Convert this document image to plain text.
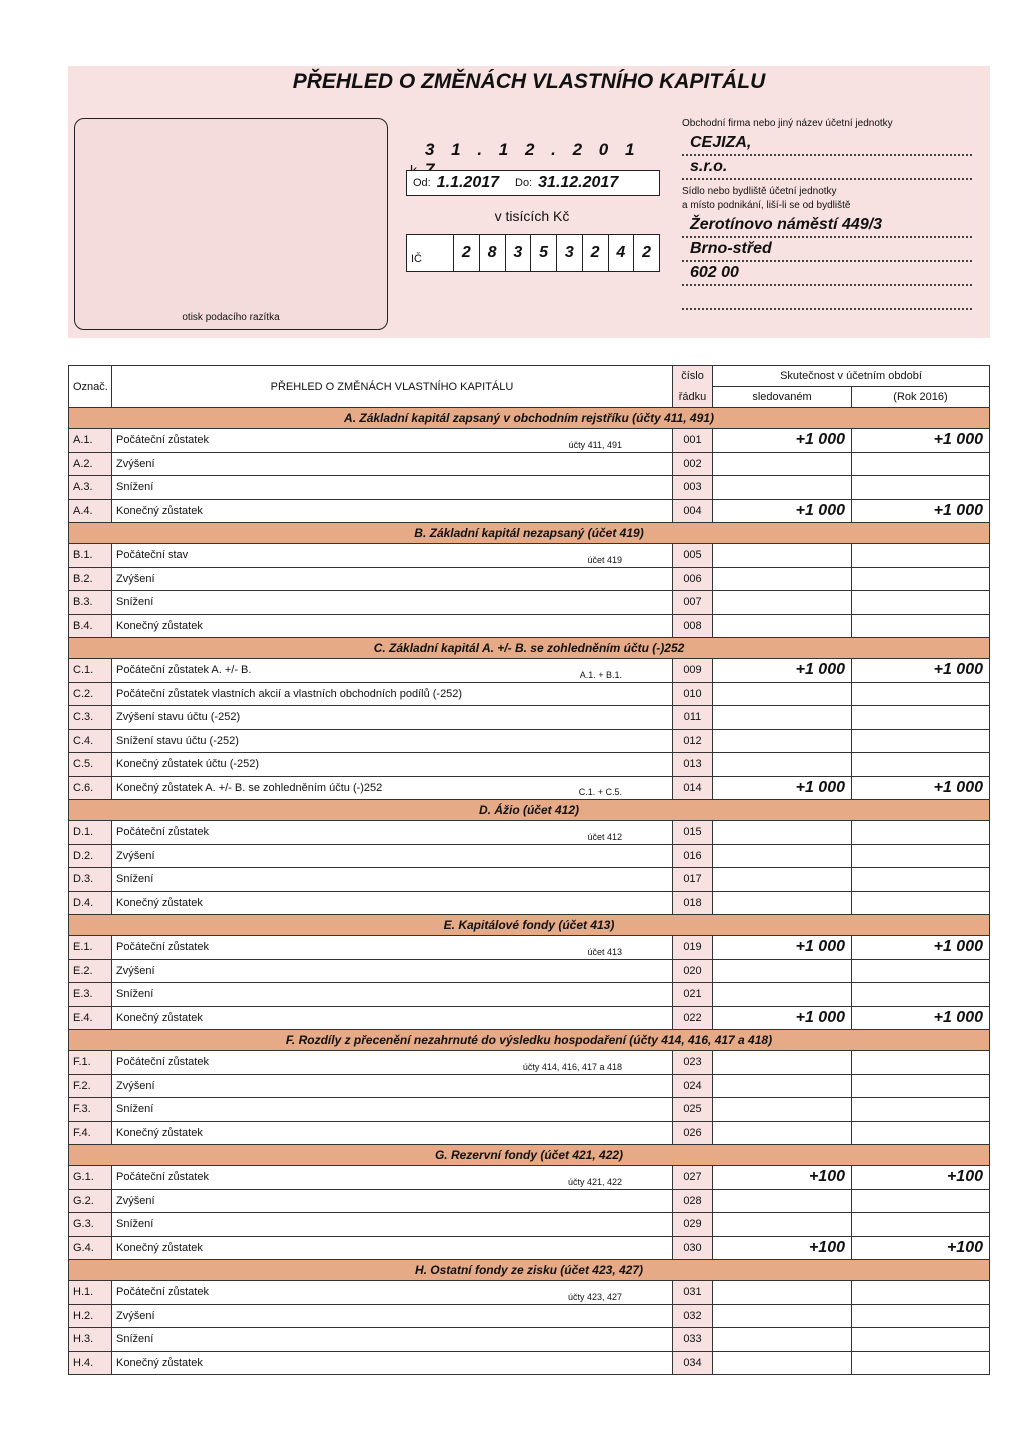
PŘEHLED O ZMĚNÁCH VLASTNÍHO KAPITÁLU
otisk podacího razítka
3 1 . 1 2 . 2 0 1
Od: 1.1.2017 Do: 31.12.2017
v tisících Kč
IČ	2	8	3	5	3	2	4	2
Obchodní firma nebo jiný název účetní jednotky
CEJIZA,
s.r.o.
Sídlo nebo bydliště účetní jednotky
a místo podnikání, liší-li se od bydliště
Žerotínovo náměstí 449/3
Brno-střed
602 00
Označ.	PŘEHLED O ZMĚNÁCH VLASTNÍHO KAPITÁLU	číslo	Skutečnost v účetním období	
		řádku	sledovaném	(Rok 2016)
A. Základní kapitál zapsaný v obchodním rejstříku (účty 411, 491)				
A.1.	Počáteční zůstatek účty 411, 491	001	+1 000	+1 000
A.2.	Zvýšení	002		
A.3.	Snížení	003		
A.4.	Konečný zůstatek	004	+1 000	+1 000
B. Základní kapitál nezapsaný (účet 419)				
B.1.	Počáteční stav účet 419	005		
B.2.	Zvýšení	006		
B.3.	Snížení	007		
B.4.	Konečný zůstatek	008		
C. Základní kapitál A. +/- B. se zohledněním účtu (-)252				
C.1.	Počáteční zůstatek A. +/- B. A.1. + B.1.	009	+1 000	+1 000
C.2.	Počáteční zůstatek vlastních akcií a vlastních obchodních podílů (-252)	010		
C.3.	Zvýšení stavu účtu (-252)	011		
C.4.	Snížení stavu účtu (-252)	012		
C.5.	Konečný zůstatek účtu (-252)	013		
C.6.	Konečný zůstatek A. +/- B. se zohledněním účtu (-)252 C.1. + C.5.	014	+1 000	+1 000
D. Ážio (účet 412)				
D.1.	Počáteční zůstatek účet 412	015		
D.2.	Zvýšení	016		
D.3.	Snížení	017		
D.4.	Konečný zůstatek	018		
E. Kapitálové fondy (účet 413)				
E.1.	Počáteční zůstatek účet 413	019	+1 000	+1 000
E.2.	Zvýšení	020		
E.3.	Snížení	021		
E.4.	Konečný zůstatek	022	+1 000	+1 000
F. Rozdíly z přecenění nezahrnuté do výsledku hospodaření (účty 414, 416, 417 a 418)				
F.1.	Počáteční zůstatek účty 414, 416, 417 a 418	023		
F.2.	Zvýšení	024		
F.3.	Snížení	025		
F.4.	Konečný zůstatek	026		
G. Rezervní fondy (účet 421, 422)				
G.1.	Počáteční zůstatek účty 421, 422	027	+100	+100
G.2.	Zvýšení	028		
G.3.	Snížení	029		
G.4.	Konečný zůstatek	030	+100	+100
H. Ostatní fondy ze zisku (účet 423, 427)				
H.1.	Počáteční zůstatek účty 423, 427	031		
H.2.	Zvýšení	032		
H.3.	Snížení	033		
H.4.	Konečný zůstatek	034		
